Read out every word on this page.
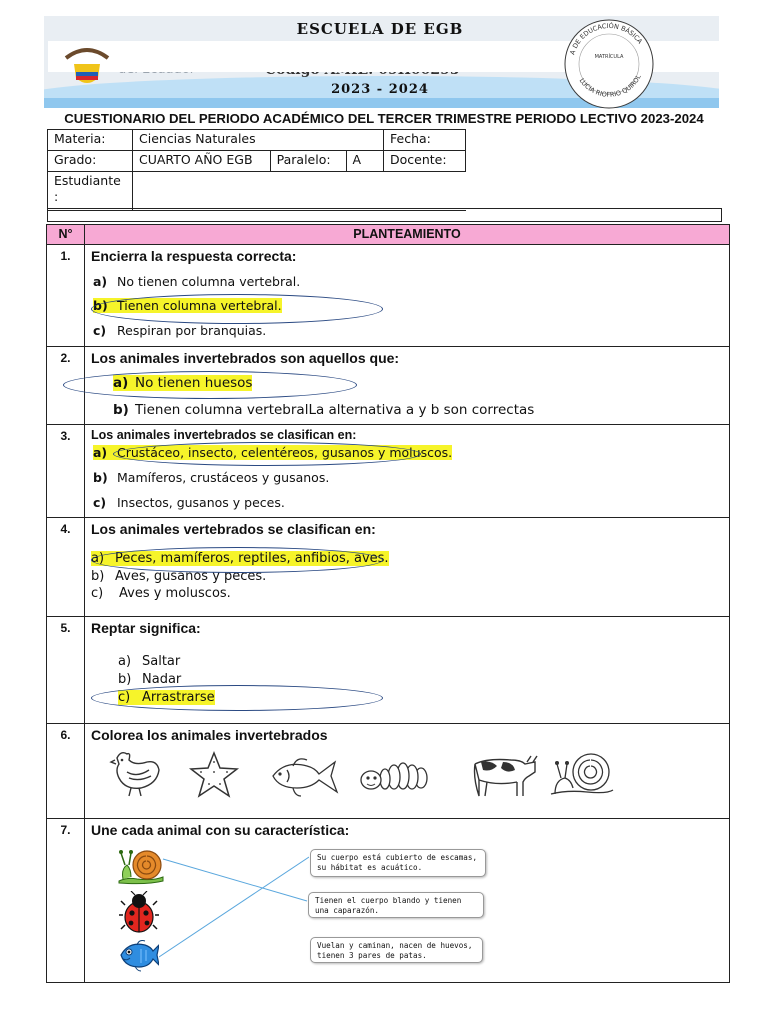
ESCUELA DE EGB
2023 - 2024
A DE EDUCACIÓN BÁSICA
LUCIA RIOFRIO QUIROL
MATRÍCULA
CUESTIONARIO DEL PERIODO ACADÉMICO DEL TERCER TRIMESTRE PERIODO LECTIVO 2023-2024
Materia:	Ciencias Naturales			Fecha:
Grado:	CUARTO AÑO EGB	Paralelo:	A	Docente:
Estudiante :				
N°	PLANTEAMIENTO
1.	Encierra la respuesta correcta:
a) No tienen columna vertebral.
b) Tienen columna vertebral.
c) Respiran por branquias.
2.	Los animales invertebrados son aquellos que:
a) No tienen huesos
b) Tienen columna vertebralLa alternativa a y b son correctas
3.	Los animales invertebrados se clasifican en:
a) Crustáceo, insecto, celentéreos, gusanos y moluscos.
b) Mamíferos, crustáceos y gusanos.
c) Insectos, gusanos y peces.
4.	Los animales vertebrados se clasifican en:
a) Peces, mamíferos, reptiles, anfibios, aves.
b) Aves, gusanos y peces.
c) Aves y moluscos.
5.	Reptar significa:
a) Saltar
b) Nadar
c) Arrastrarse
6.	Colorea los animales invertebrados
7.	Une cada animal con su característica:
Su cuerpo está cubierto de escamas, su hábitat es acuático.
Tienen el cuerpo blando y tienen una caparazón.
Vuelan y caminan, nacen de huevos, tienen 3 pares de patas.
